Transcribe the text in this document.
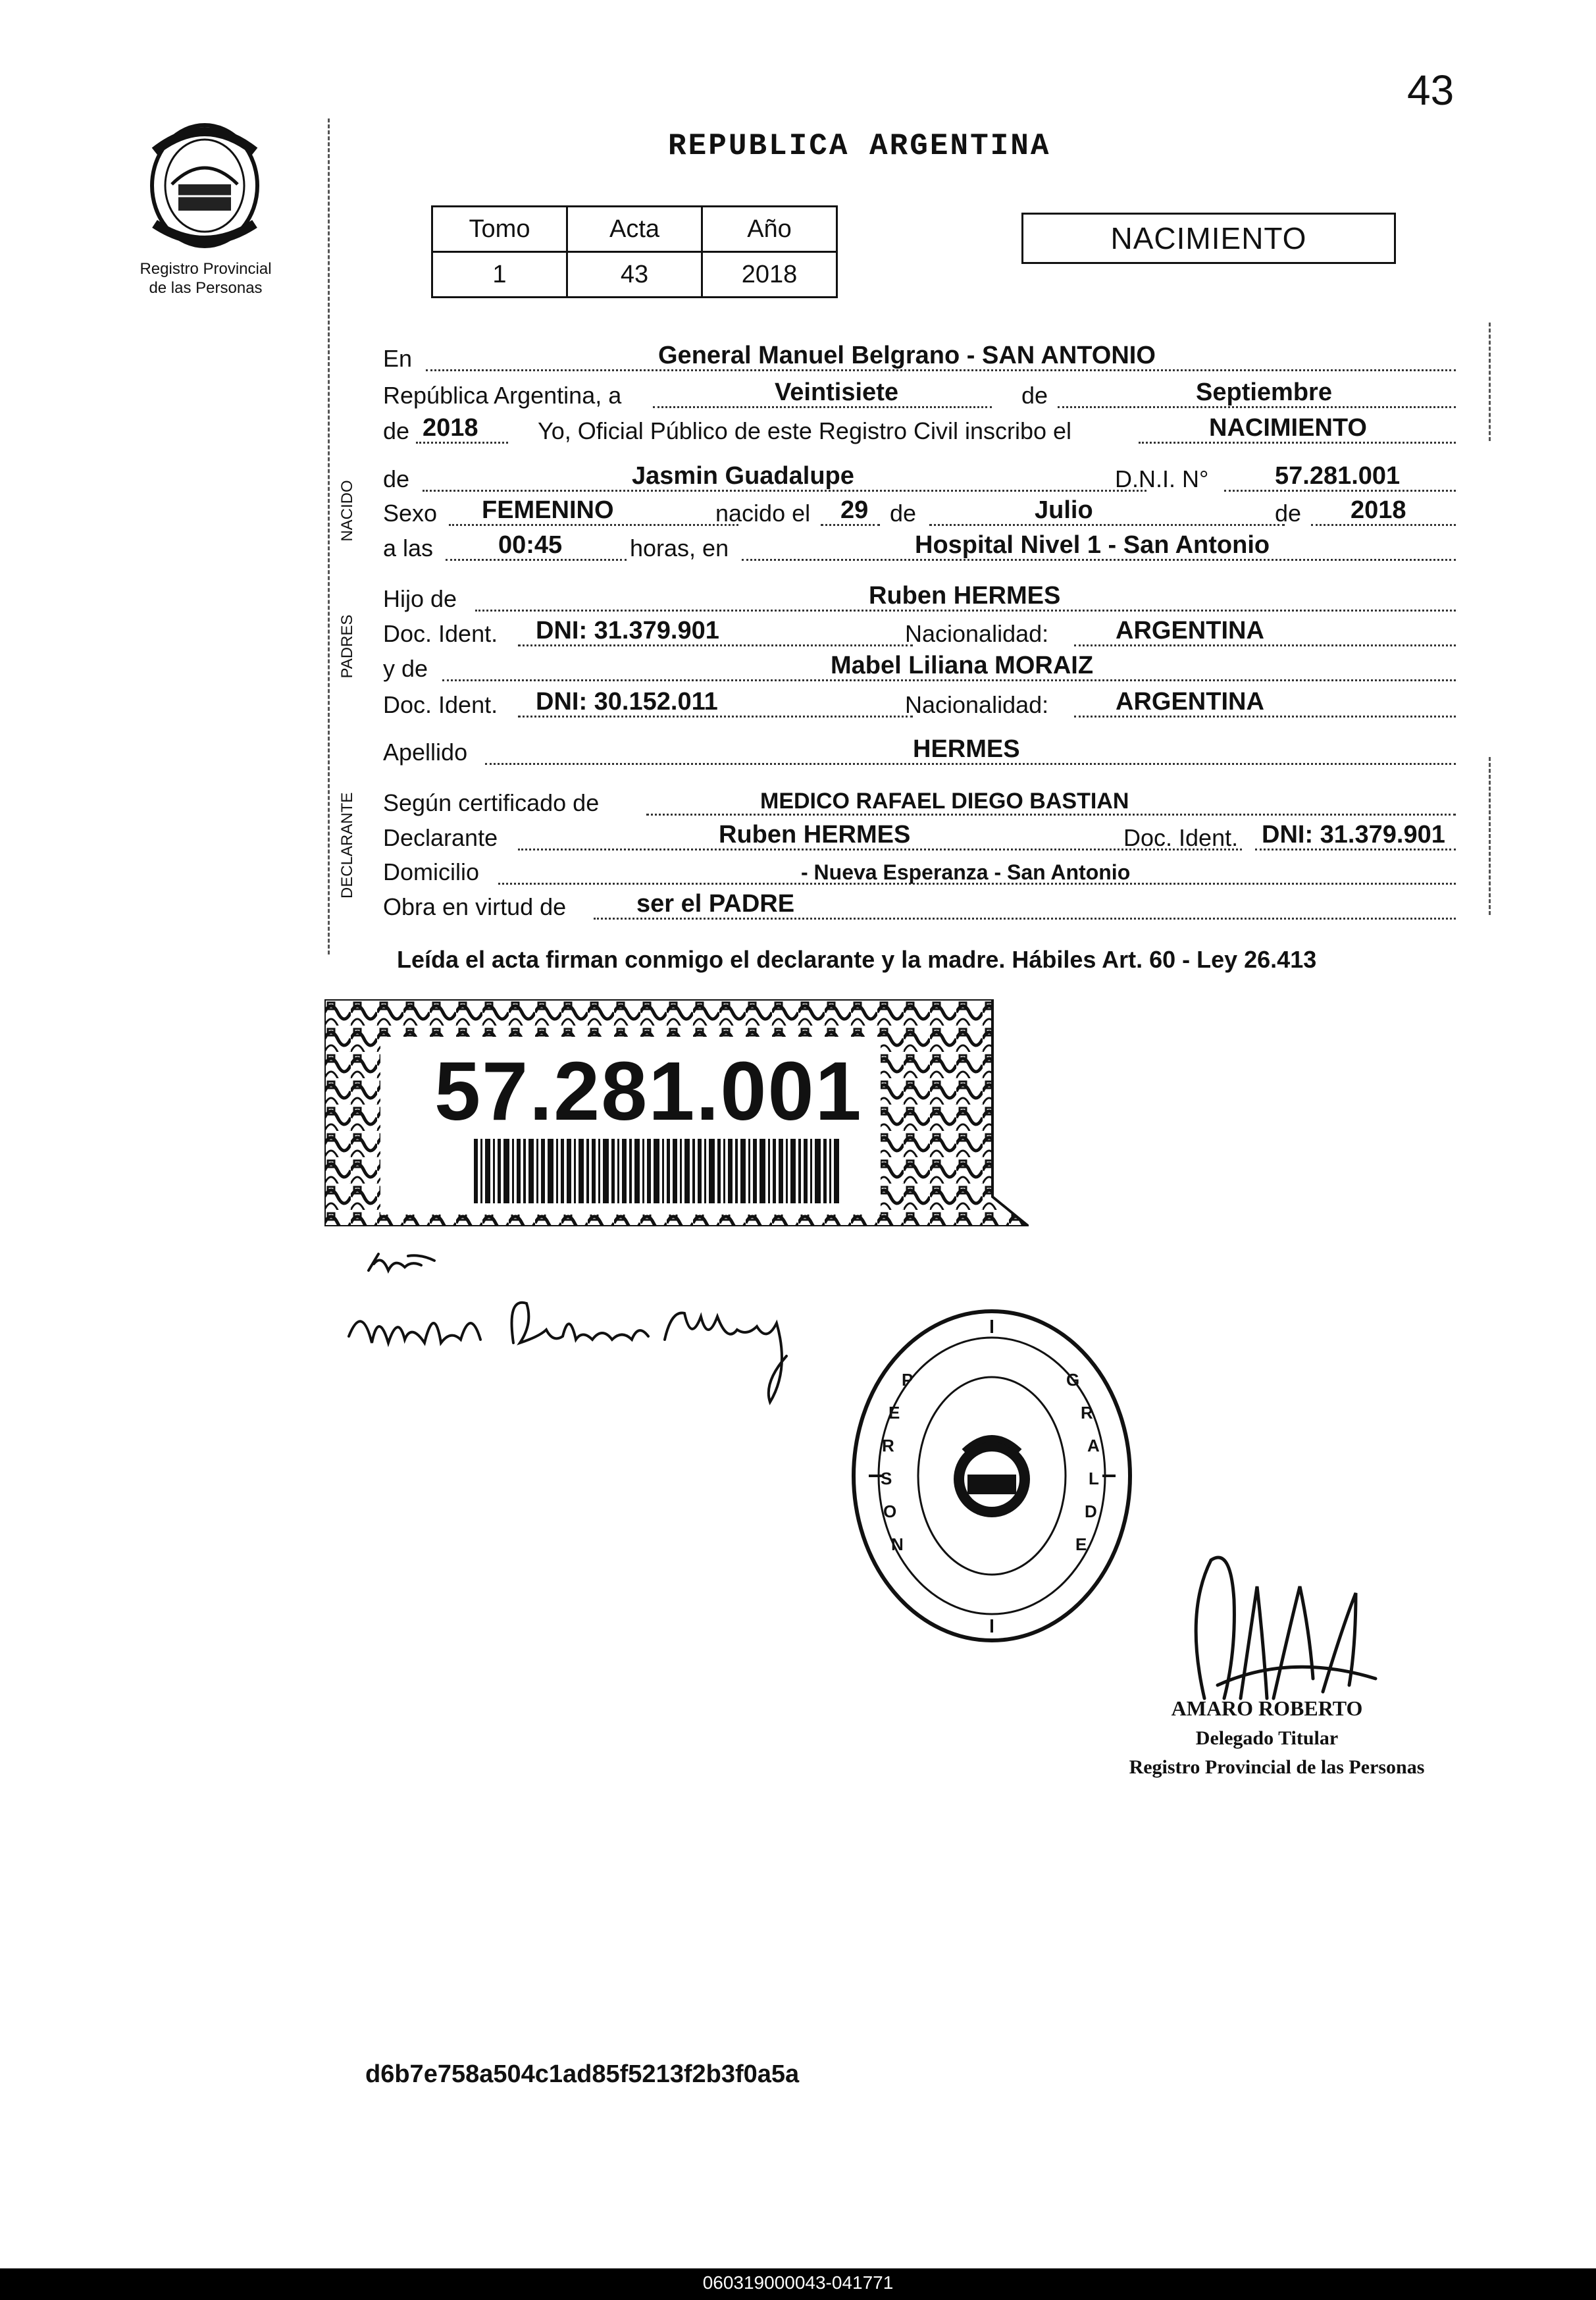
43
REPUBLICA ARGENTINA
Registro Provincial
de las Personas
Tomo	Acta	Año
1	43	2018
NACIMIENTO
NACIDO
PADRES
DECLARANTE
En	General Manuel Belgrano - SAN ANTONIO
República Argentina, a	Veintisiete	de	Septiembre
de 2018	Yo, Oficial Público de este Registro Civil inscribo el	NACIMIENTO
de	Jasmin Guadalupe	D.N.I. N°	57.281.001
Sexo FEMENINO	nacido el 29 de	Julio	de 2018
a las	00:45	horas, en	Hospital Nivel 1 - San Antonio
Hijo de	Ruben HERMES
Doc. Ident. DNI: 31.379.901	Nacionalidad:	ARGENTINA
y de	Mabel Liliana MORAIZ
Doc. Ident. DNI: 30.152.011	Nacionalidad:	ARGENTINA
Apellido	HERMES
Según certificado de	MEDICO RAFAEL DIEGO BASTIAN
Declarante	Ruben HERMES	Doc. Ident. DNI: 31.379.901
Domicilio	- Nueva Esperanza - San Antonio
Obra en virtud de	ser el PADRE
Leída el acta firman conmigo el declarante y la madre. Hábiles Art. 60 - Ley 26.413
57.281.001
P
E
R
S
O
N
G
R
A
L
D
E
AMARO ROBERTO
Delegado Titular
Registro Provincial de las Personas
d6b7e758a504c1ad85f5213f2b3f0a5a
060319000043-041771
